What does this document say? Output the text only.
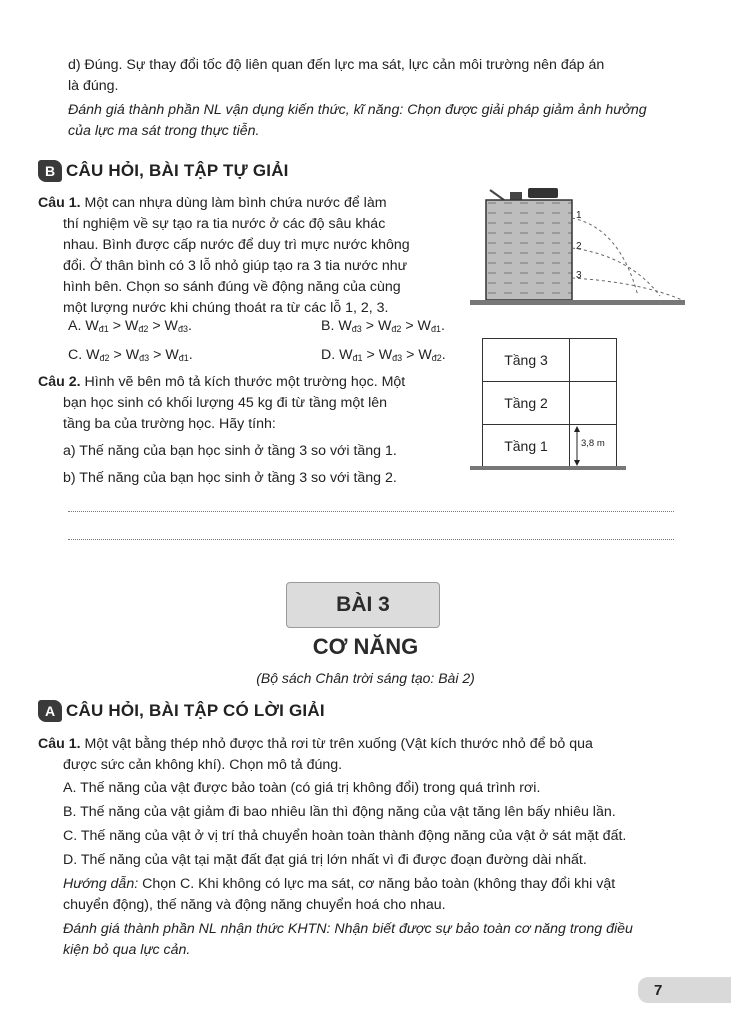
d) Đúng. Sự thay đổi tốc độ liên quan đến lực ma sát, lực cản môi trường nên đáp án

là đúng.

Đánh giá thành phần NL vận dụng kiến thức, kĩ năng: Chọn được giải pháp giảm ảnh hưởng

của lực ma sát trong thực tiễn.

B CÂU HỎI, BÀI TẬP TỰ GIẢI

Câu 1. Một can nhựa dùng làm bình chứa nước để làm

thí nghiệm về sự tạo ra tia nước ở các độ sâu khác

nhau. Bình được cấp nước để duy trì mực nước không

đổi. Ở thân bình có 3 lỗ nhỏ giúp tạo ra 3 tia nước như

hình bên. Chọn so sánh đúng về động năng của cùng

một lượng nước khi chúng thoát ra từ các lỗ 1, 2, 3.

1
2
3
A. $W_{đ1} > W_{đ2} > W_{đ3}$.	B. $W_{đ3} > W_{đ2} > W_{đ1}$.
C. $W_{đ2} > W_{đ3} > W_{đ1}$.	D. $W_{đ1} > W_{đ3} > W_{đ2}$.

Câu 2. Hình vẽ bên mô tả kích thước một trường học. Một

bạn học sinh có khối lượng 45 kg đi từ tầng một lên

tầng ba của trường học. Hãy tính:

a) Thế năng của bạn học sinh ở tầng 3 so với tầng 1.

b) Thế năng của bạn học sinh ở tầng 3 so với tầng 2.

Tầng 3	
Tầng 2	
Tầng 1	3,8 m
BÀI 3
CƠ NĂNG
(Bộ sách Chân trời sáng tạo: Bài 2)
A CÂU HỎI, BÀI TẬP CÓ LỜI GIẢI

Câu 1. Một vật bằng thép nhỏ được thả rơi từ trên xuống (Vật kích thước nhỏ để bỏ qua

được sức cản không khí). Chọn mô tả đúng.

A. Thế năng của vật được bảo toàn (có giá trị không đổi) trong quá trình rơi.

B. Thế năng của vật giảm đi bao nhiêu lần thì động năng của vật tăng lên bấy nhiêu lần.

C. Thế năng của vật ở vị trí thả chuyển hoàn toàn thành động năng của vật ở sát mặt đất.

D. Thế năng của vật tại mặt đất đạt giá trị lớn nhất vì đi được đoạn đường dài nhất.

Hướng dẫn: Chọn C. Khi không có lực ma sát, cơ năng bảo toàn (không thay đổi khi vật

chuyển động), thế năng và động năng chuyển hoá cho nhau.

Đánh giá thành phần NL nhận thức KHTN: Nhận biết được sự bảo toàn cơ năng trong điều

kiện bỏ qua lực cản.

7
